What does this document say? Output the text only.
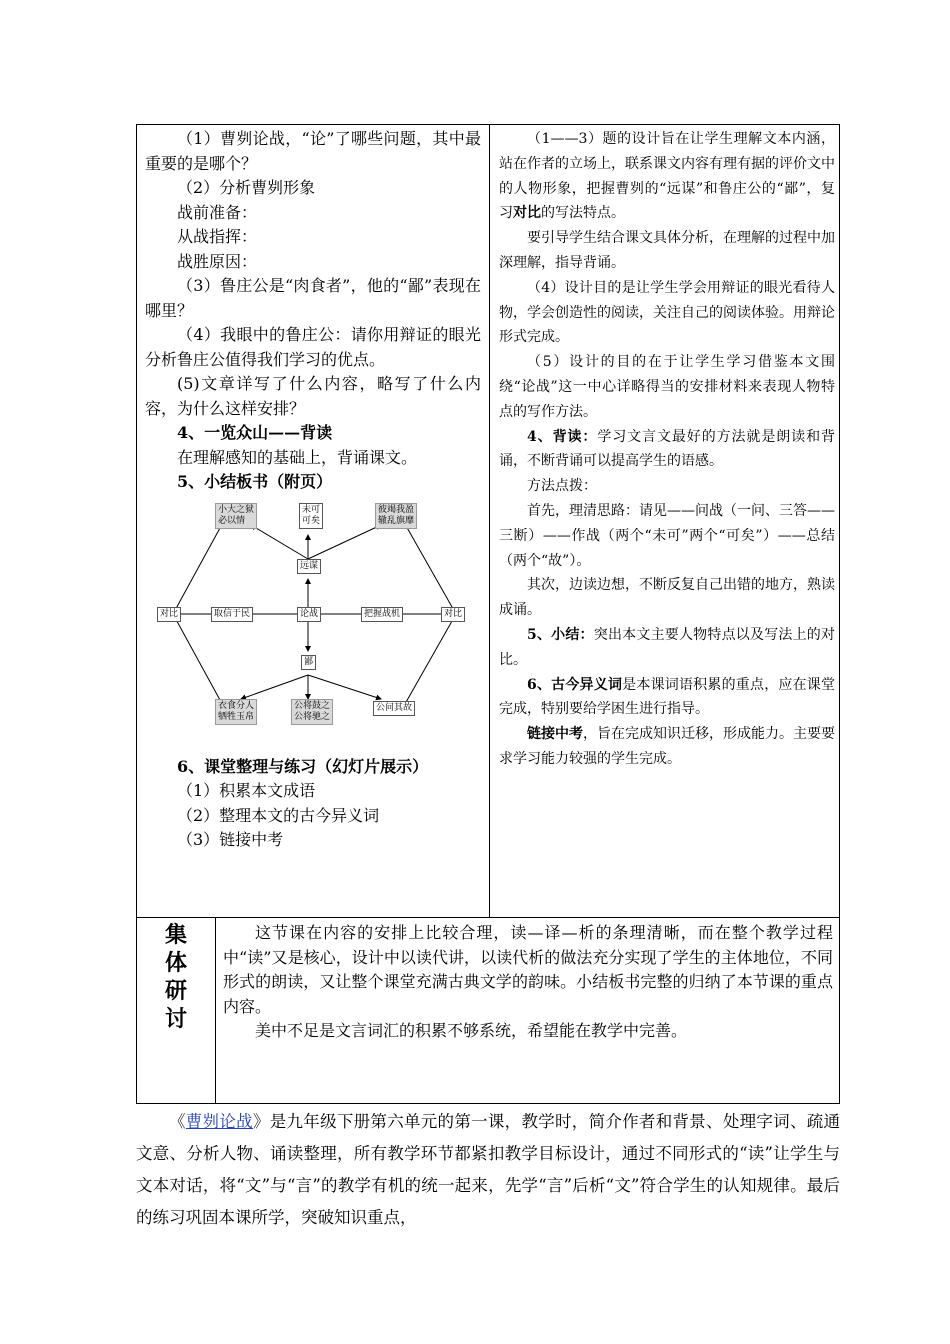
（1）曹刿论战，“论”了哪些问题，其中最重要的是哪个？

（2）分析曹刿形象

战前准备：

从战指挥：

战胜原因：

（3）鲁庄公是“肉食者”，他的“鄙”表现在哪里？

（4）我眼中的鲁庄公：请你用辩证的眼光分析鲁庄公值得我们学习的优点。

(5)文章详写了什么内容，略写了什么内容，为什么这样安排？

4、一览众山——背读

在理解感知的基础上，背诵课文。

5、小结板书（附页）

小大之狱
必以情
未可
可矣
彼竭我盈
辙乱旗靡
远谋
对比	取信于民	论战	把握战机	对比
鄙
衣食分人
牺牲玉帛
公将鼓之
公将驰之
公问其故

6、课堂整理与练习（幻灯片展示）

（1）积累本文成语

（2）整理本文的古今异义词

（3）链接中考

（1——3）题的设计旨在让学生理解文本内涵，站在作者的立场上，联系课文内容有理有据的评价文中的人物形象，把握曹刿的“远谋”和鲁庄公的“鄙”，复习对比的写法特点。

要引导学生结合课文具体分析，在理解的过程中加深理解，指导背诵。

（4）设计目的是让学生学会用辩证的眼光看待人物，学会创造性的阅读，关注自己的阅读体验。用辩论形式完成。

（5）设计的目的在于让学生学习借鉴本文围绕“论战”这一中心详略得当的安排材料来表现人物特点的写作方法。

4、背读：学习文言文最好的方法就是朗读和背诵，不断背诵可以提高学生的语感。

方法点拨：

首先，理清思路：请见——问战（一问、三答——三断）——作战（两个“未可”两个“可矣”）——总结（两个“故”）。

其次，边读边想，不断反复自己出错的地方，熟读成诵。

5、小结：突出本文主要人物特点以及写法上的对比。

6、古今异义词是本课词语积累的重点，应在课堂完成，特别要给学困生进行指导。

链接中考，旨在完成知识迁移，形成能力。主要要求学习能力较强的学生完成。

集体研讨

这节课在内容的安排上比较合理，读—译—析的条理清晰，而在整个教学过程中“读”又是核心，设计中以读代讲，以读代析的做法充分实现了学生的主体地位，不同形式的朗读，又让整个课堂充满古典文学的韵味。小结板书完整的归纳了本节课的重点内容。

美中不足是文言词汇的积累不够系统，希望能在教学中完善。

《曹刿论战》是九年级下册第六单元的第一课，教学时，简介作者和背景、处理字词、疏通文意、分析人物、诵读整理，所有教学环节都紧扣教学目标设计，通过不同形式的“读”让学生与文本对话，将“文”与“言”的教学有机的统一起来，先学“言”后析“文”符合学生的认知规律。最后的练习巩固本课所学，突破知识重点，
